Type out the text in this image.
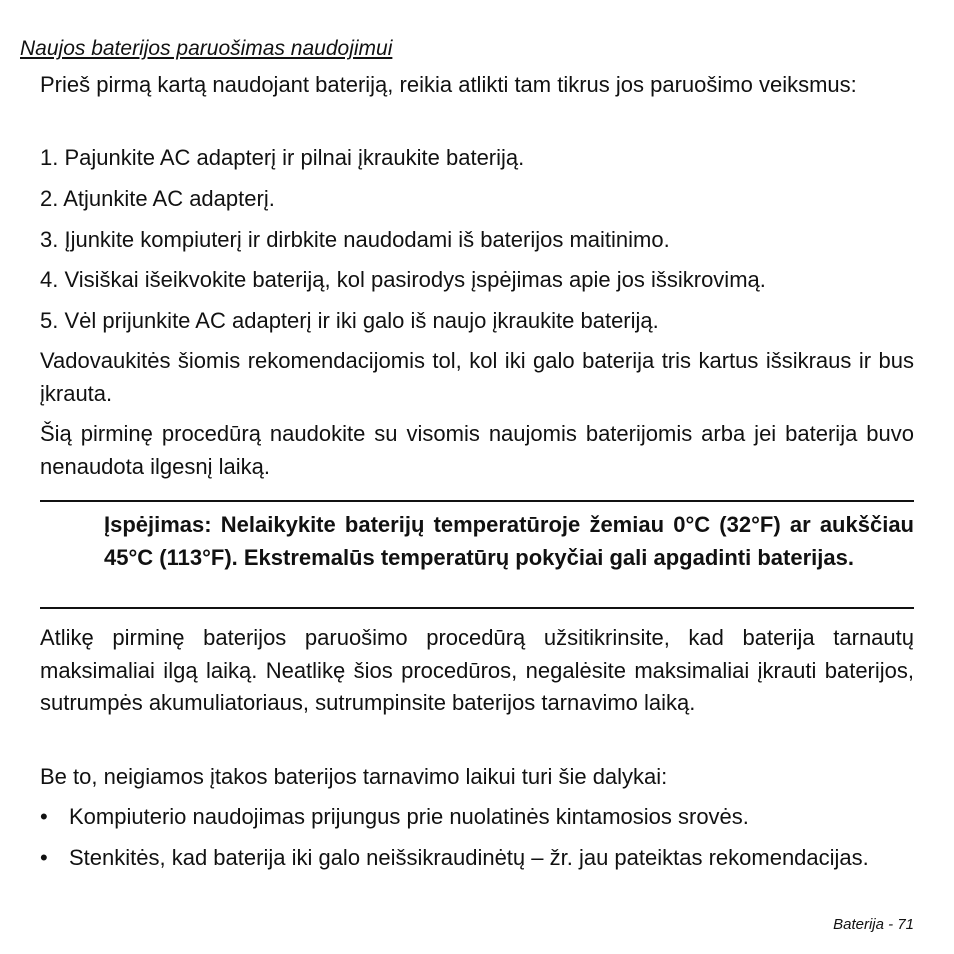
Naujos baterijos paruošimas naudojimui
Prieš pirmą kartą naudojant bateriją, reikia atlikti tam tikrus jos paruošimo veiksmus:
1. Pajunkite AC adapterį ir pilnai įkraukite bateriją.
2. Atjunkite AC adapterį.
3. Įjunkite kompiuterį ir dirbkite naudodami iš baterijos maitinimo.
4. Visiškai išeikvokite bateriją, kol pasirodys įspėjimas apie jos išsikrovimą.
5. Vėl prijunkite AC adapterį ir iki galo iš naujo įkraukite bateriją.
Vadovaukitės šiomis rekomendacijomis tol, kol iki galo baterija tris kartus išsikraus ir bus įkrauta.
Šią pirminę procedūrą naudokite su visomis naujomis baterijomis arba jei baterija buvo nenaudota ilgesnį laiką.
Įspėjimas: Nelaikykite baterijų temperatūroje žemiau 0°C (32°F) ar aukščiau 45°C (113°F). Ekstremalūs temperatūrų pokyčiai gali apgadinti baterijas.
Atlikę pirminę baterijos paruošimo procedūrą užsitikrinsite, kad baterija tarnautų maksimaliai ilgą laiką. Neatlikę šios procedūros, negalėsite maksimaliai įkrauti baterijos, sutrumpės akumuliatoriaus, sutrumpinsite baterijos tarnavimo laiką.
Be to, neigiamos įtakos baterijos tarnavimo laikui turi šie dalykai:
• Kompiuterio naudojimas prijungus prie nuolatinės kintamosios srovės.
• Stenkitės, kad baterija iki galo neišsikraudinėtų – žr. jau pateiktas rekomendacijas.
Baterija - 71
